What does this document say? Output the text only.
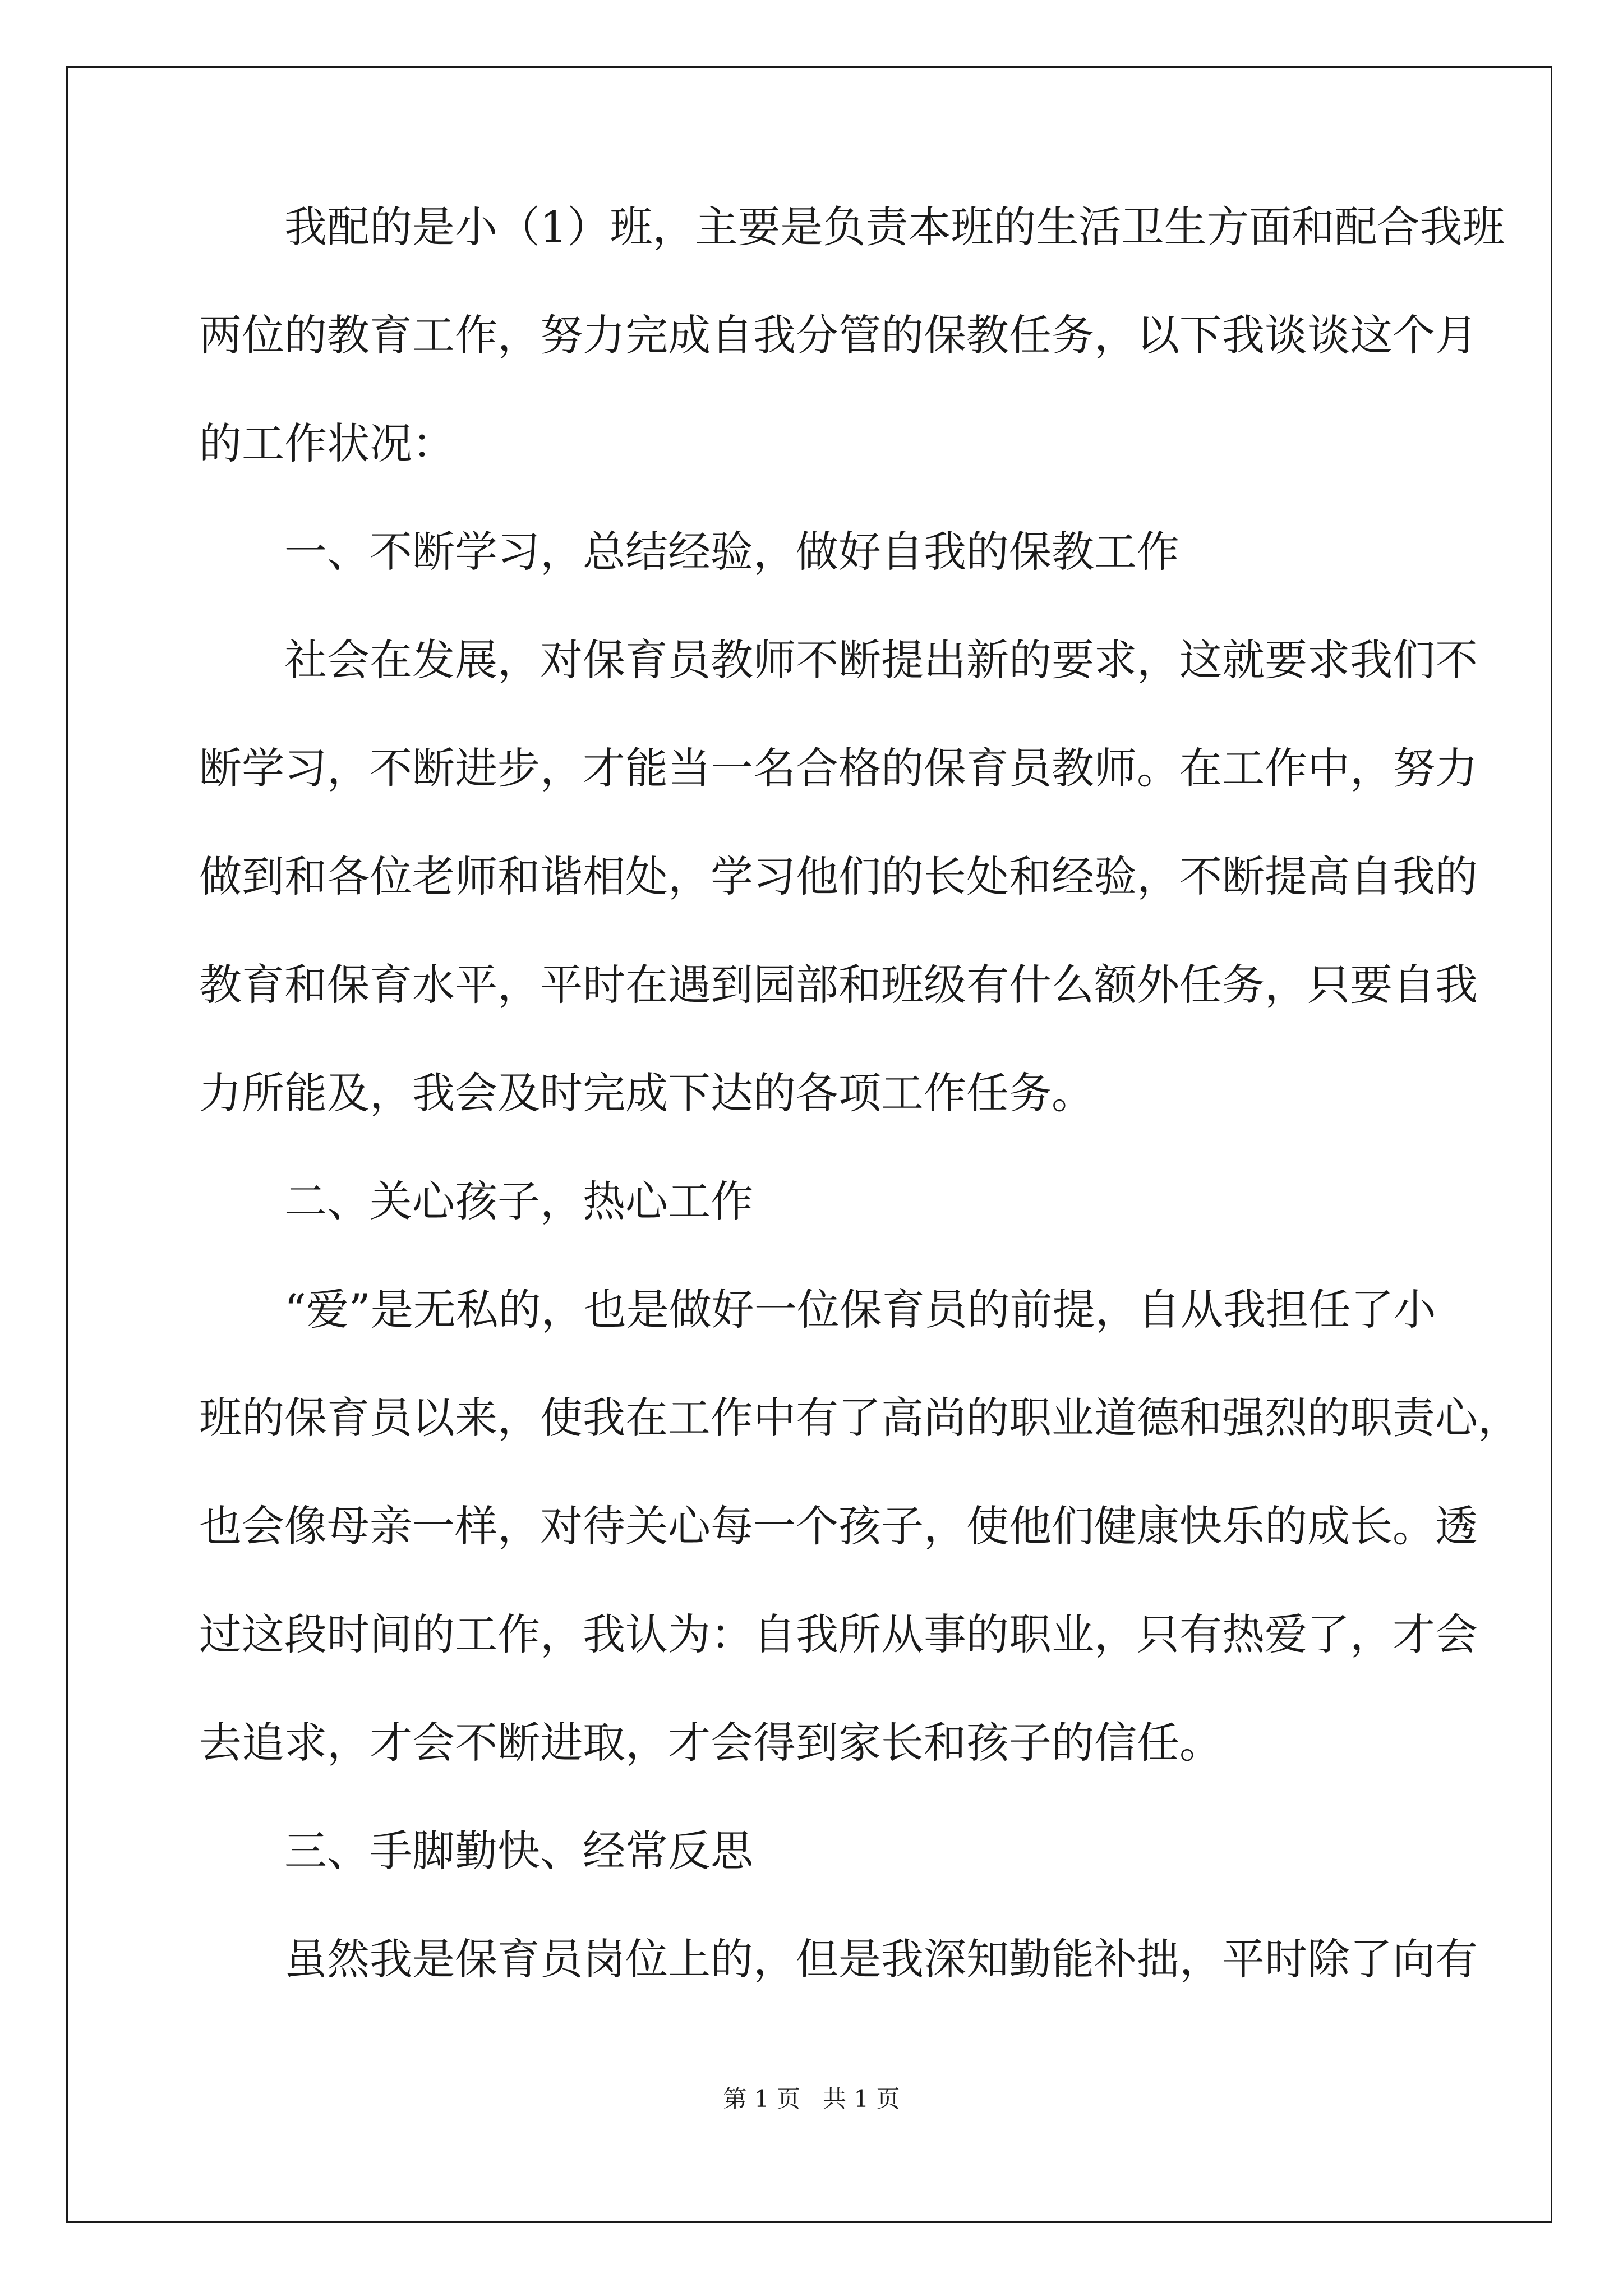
我配的是小（1）班，主要是负责本班的生活卫生方面和配合我班
两位的教育工作，努力完成自我分管的保教任务，以下我谈谈这个月
的工作状况：
一、不断学习，总结经验，做好自我的保教工作
社会在发展，对保育员教师不断提出新的要求，这就要求我们不
断学习，不断进步，才能当一名合格的保育员教师。在工作中，努力
做到和各位老师和谐相处，学习他们的长处和经验，不断提高自我的
教育和保育水平，平时在遇到园部和班级有什么额外任务，只要自我
力所能及，我会及时完成下达的各项工作任务。
二、关心孩子，热心工作
“爱”是无私的，也是做好一位保育员的前提，自从我担任了小
班的保育员以来，使我在工作中有了高尚的职业道德和强烈的职责心，
也会像母亲一样，对待关心每一个孩子，使他们健康快乐的成长。透
过这段时间的工作，我认为：自我所从事的职业，只有热爱了，才会
去追求，才会不断进取，才会得到家长和孩子的信任。
三、手脚勤快、经常反思
虽然我是保育员岗位上的，但是我深知勤能补拙，平时除了向有
第 1 页 共 1 页
